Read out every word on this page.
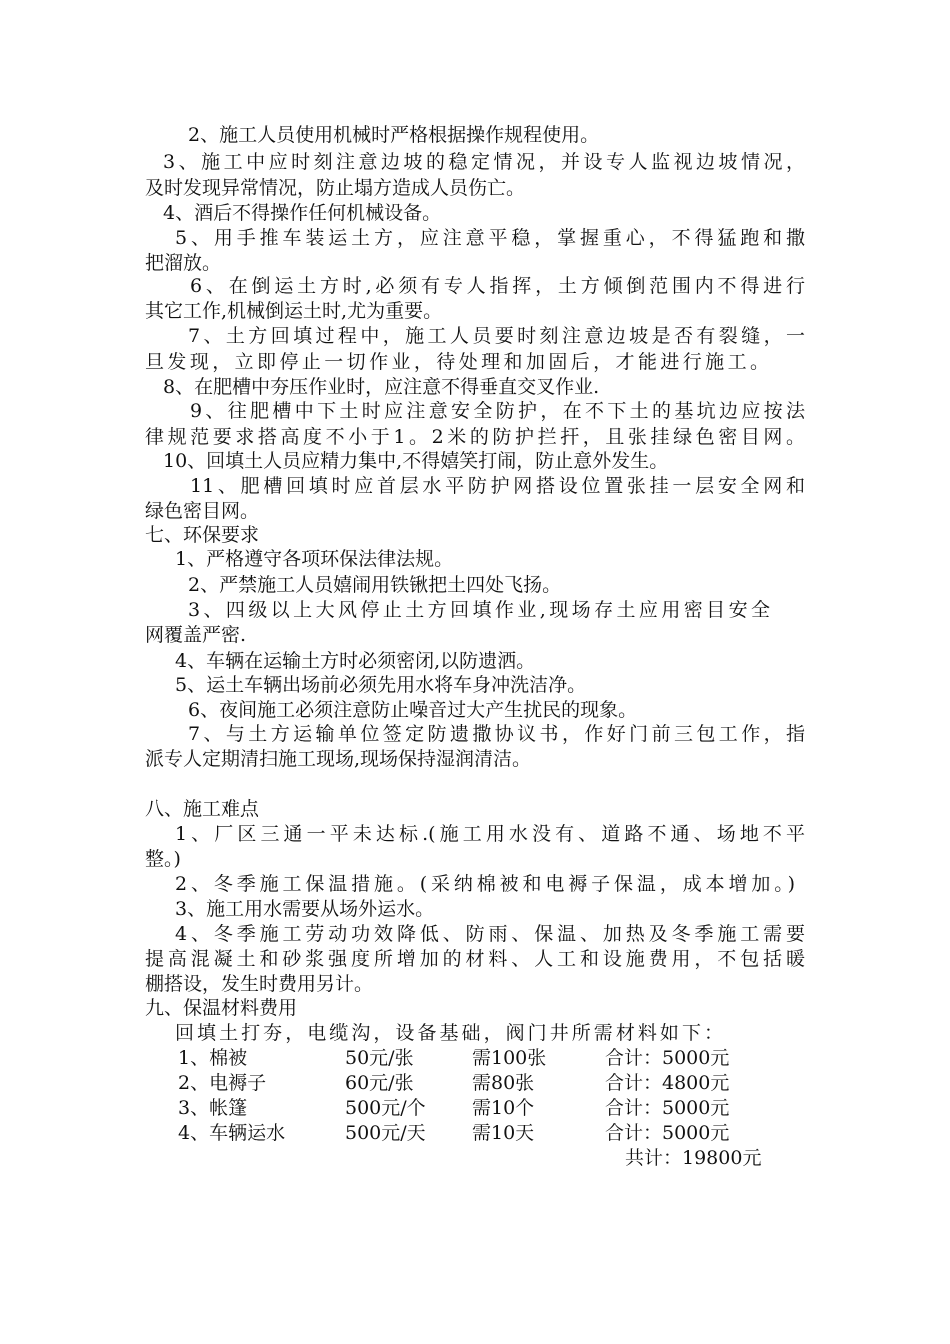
2、施工人员使用机械时严格根据操作规程使用。
3、施工中应时刻注意边坡的稳定情况，并设专人监视边坡情况，
及时发现异常情况，防止塌方造成人员伤亡。
4、酒后不得操作任何机械设备。
5、用手推车装运土方，应注意平稳，掌握重心，不得猛跑和撒
把溜放。
6、在倒运土方时,必须有专人指挥，土方倾倒范围内不得进行
其它工作,机械倒运土时,尤为重要。
7、土方回填过程中，施工人员要时刻注意边坡是否有裂缝，一
旦发现，立即停止一切作业，待处理和加固后，才能进行施工。
8、在肥槽中夯压作业时，应注意不得垂直交叉作业.
9、往肥槽中下土时应注意安全防护，在不下土的基坑边应按法
律规范要求搭高度不小于1。2米的防护拦扞，且张挂绿色密目网。
10、回填土人员应精力集中,不得嬉笑打闹，防止意外发生。
11、肥槽回填时应首层水平防护网搭设位置张挂一层安全网和
绿色密目网。
七、环保要求
1、严格遵守各项环保法律法规。
2、严禁施工人员嬉闹用铁锹把土四处飞扬。
3、四级以上大风停止土方回填作业,现场存土应用密目安全
网覆盖严密.
4、车辆在运输土方时必须密闭,以防遗洒。
5、运土车辆出场前必须先用水将车身冲洗洁净。
6、夜间施工必须注意防止噪音过大产生扰民的现象。
7、与土方运输单位签定防遗撒协议书，作好门前三包工作，指
派专人定期清扫施工现场,现场保持湿润清洁。
八、施工难点
1、厂区三通一平未达标.(施工用水没有、道路不通、场地不平
整。)
2、冬季施工保温措施。(采纳棉被和电褥子保温，成本增加。)
3、施工用水需要从场外运水。
4、冬季施工劳动功效降低、防雨、保温、加热及冬季施工需要
提高混凝土和砂浆强度所增加的材料、人工和设施费用，不包括暖
棚搭设，发生时费用另计。
九、保温材料费用
回填土打夯，电缆沟，设备基础，阀门井所需材料如下：
1、棉被	50元/张	需100张	合计：5000元
2、电褥子	60元/张	需80张	合计：4800元
3、帐篷	500元/个 需10个	合计：5000元
4、车辆运水	500元/天 需10天	合计：5000元
共计：19800元
